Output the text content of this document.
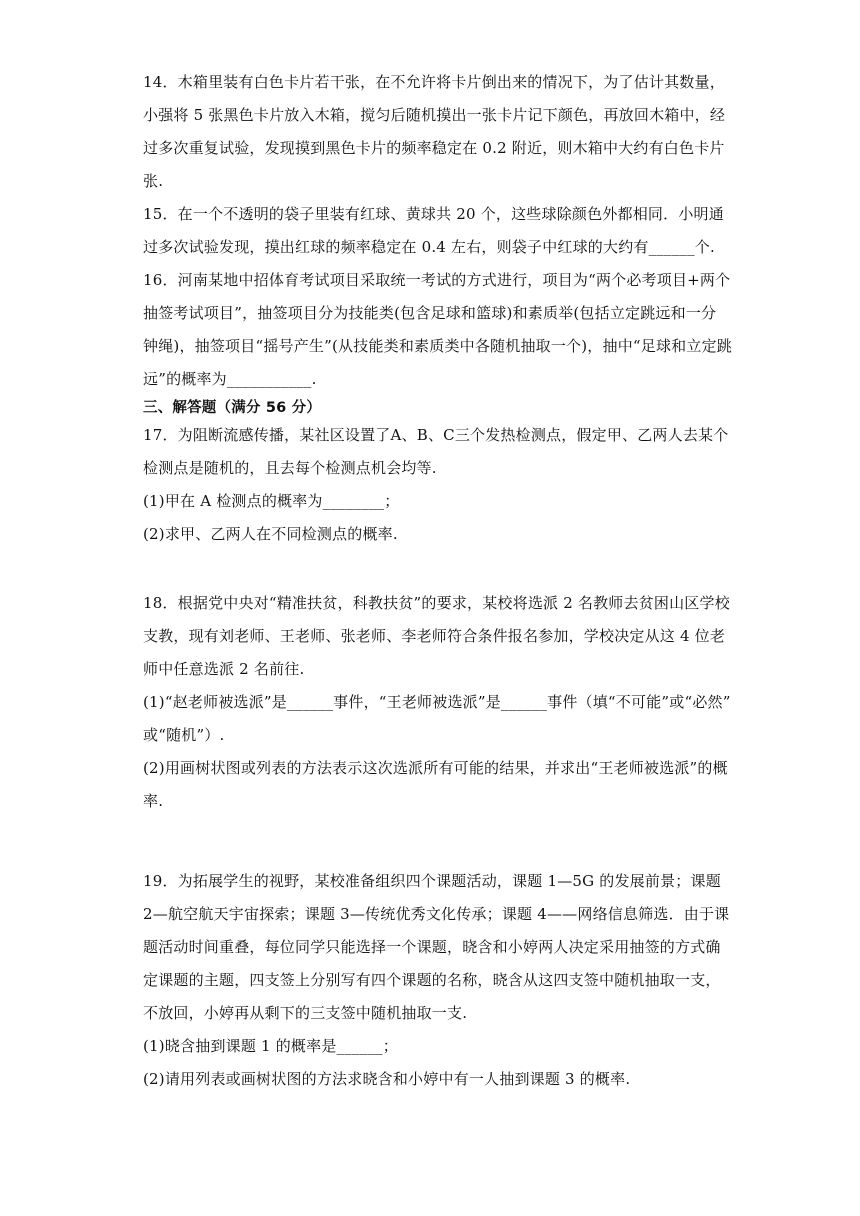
14．木箱里装有白色卡片若干张，在不允许将卡片倒出来的情况下，为了估计其数量，
小强将 5 张黑色卡片放入木箱，搅匀后随机摸出一张卡片记下颜色，再放回木箱中，经
过多次重复试验，发现摸到黑色卡片的频率稳定在 0.2 附近，则木箱中大约有白色卡片
张.
15．在一个不透明的袋子里装有红球、黄球共 20 个，这些球除颜色外都相同．小明通
过多次试验发现，摸出红球的频率稳定在 0.4 左右，则袋子中红球的大约有______个.
16．河南某地中招体育考试项目采取统一考试的方式进行，项目为“两个必考项目+两个
抽签考试项目”，抽签项目分为技能类(包含足球和篮球)和素质举(包括立定跳远和一分
钟绳)，抽签项目“摇号产生”(从技能类和素质类中各随机抽取一个)，抽中“足球和立定跳
远”的概率为___________.
三、解答题（满分 56 分）
17．为阻断流感传播，某社区设置了A、B、C三个发热检测点，假定甲、乙两人去某个
检测点是随机的，且去每个检测点机会均等.
(1)甲在 A 检测点的概率为________；
(2)求甲、乙两人在不同检测点的概率.
18．根据党中央对“精准扶贫，科教扶贫”的要求，某校将选派 2 名教师去贫困山区学校
支教，现有刘老师、王老师、张老师、李老师符合条件报名参加，学校决定从这 4 位老
师中任意选派 2 名前往.
(1)“赵老师被选派”是______事件，“王老师被选派”是______事件（填“不可能”或“必然”
或“随机”）.
(2)用画树状图或列表的方法表示这次选派所有可能的结果，并求出“王老师被选派”的概
率.
19．为拓展学生的视野，某校准备组织四个课题活动，课题 1—5G 的发展前景；课题
2—航空航天宇宙探索；课题 3—传统优秀文化传承；课题 4——网络信息筛选．由于课
题活动时间重叠，每位同学只能选择一个课题，晓含和小婷两人决定采用抽签的方式确
定课题的主题，四支签上分别写有四个课题的名称，晓含从这四支签中随机抽取一支，
不放回，小婷再从剩下的三支签中随机抽取一支.
(1)晓含抽到课题 1 的概率是______；
(2)请用列表或画树状图的方法求晓含和小婷中有一人抽到课题 3 的概率.
